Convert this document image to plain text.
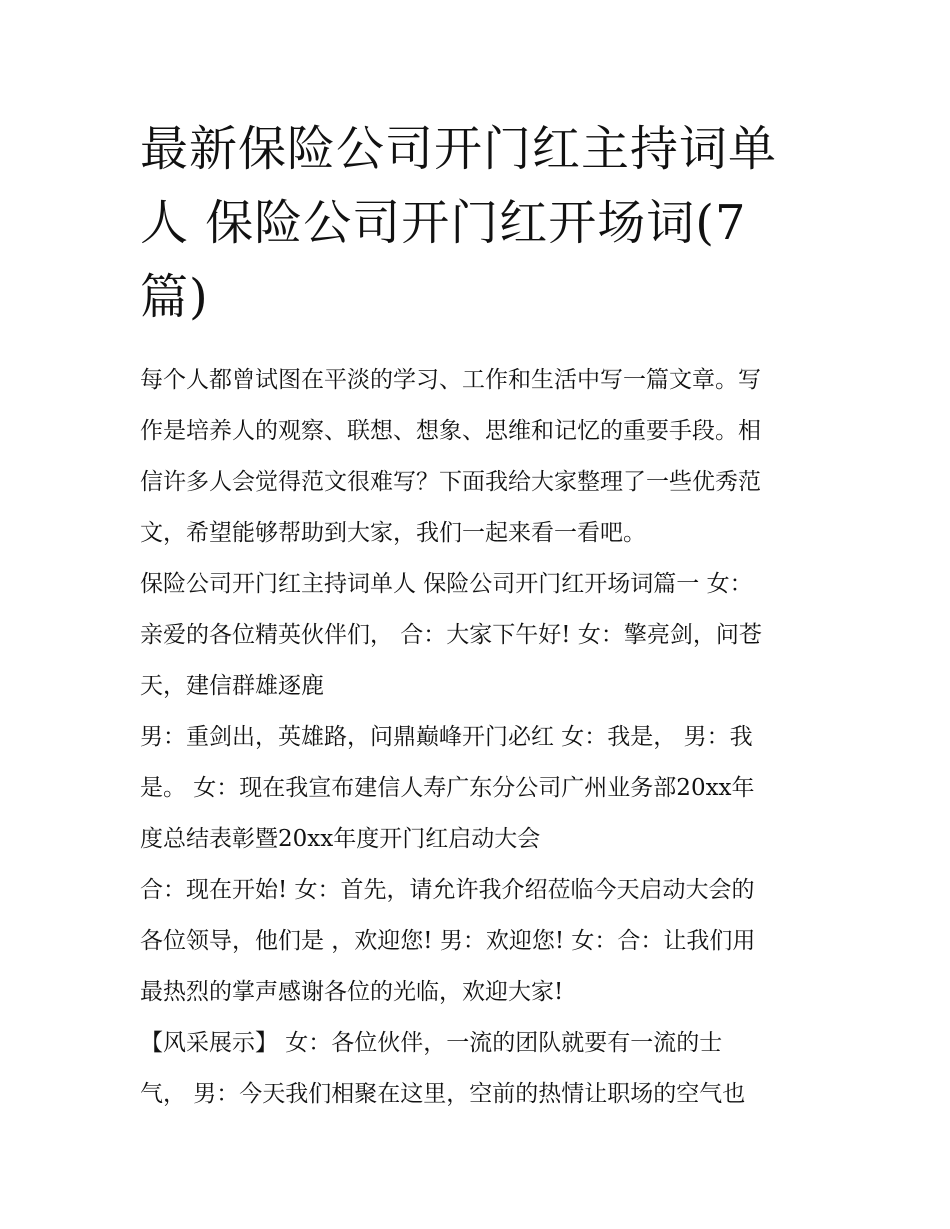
最新保险公司开门红主持词单
人 保险公司开门红开场词(7
篇)
每个人都曾试图在平淡的学习、工作和生活中写一篇文章。写
作是培养人的观察、联想、想象、思维和记忆的重要手段。相
信许多人会觉得范文很难写？下面我给大家整理了一些优秀范
文，希望能够帮助到大家，我们一起来看一看吧。
保险公司开门红主持词单人 保险公司开门红开场词篇一 女：
亲爱的各位精英伙伴们， 合：大家下午好! 女：擎亮剑，问苍
天，建信群雄逐鹿
男：重剑出，英雄路，问鼎巅峰开门必红 女：我是， 男：我
是。 女：现在我宣布建信人寿广东分公司广州业务部20xx年
度总结表彰暨20xx年度开门红启动大会
合：现在开始! 女：首先，请允许我介绍莅临今天启动大会的
各位领导，他们是 ，欢迎您! 男：欢迎您! 女：合：让我们用
最热烈的掌声感谢各位的光临，欢迎大家!
【风采展示】 女：各位伙伴，一流的团队就要有一流的士
气， 男：今天我们相聚在这里，空前的热情让职场的空气也
